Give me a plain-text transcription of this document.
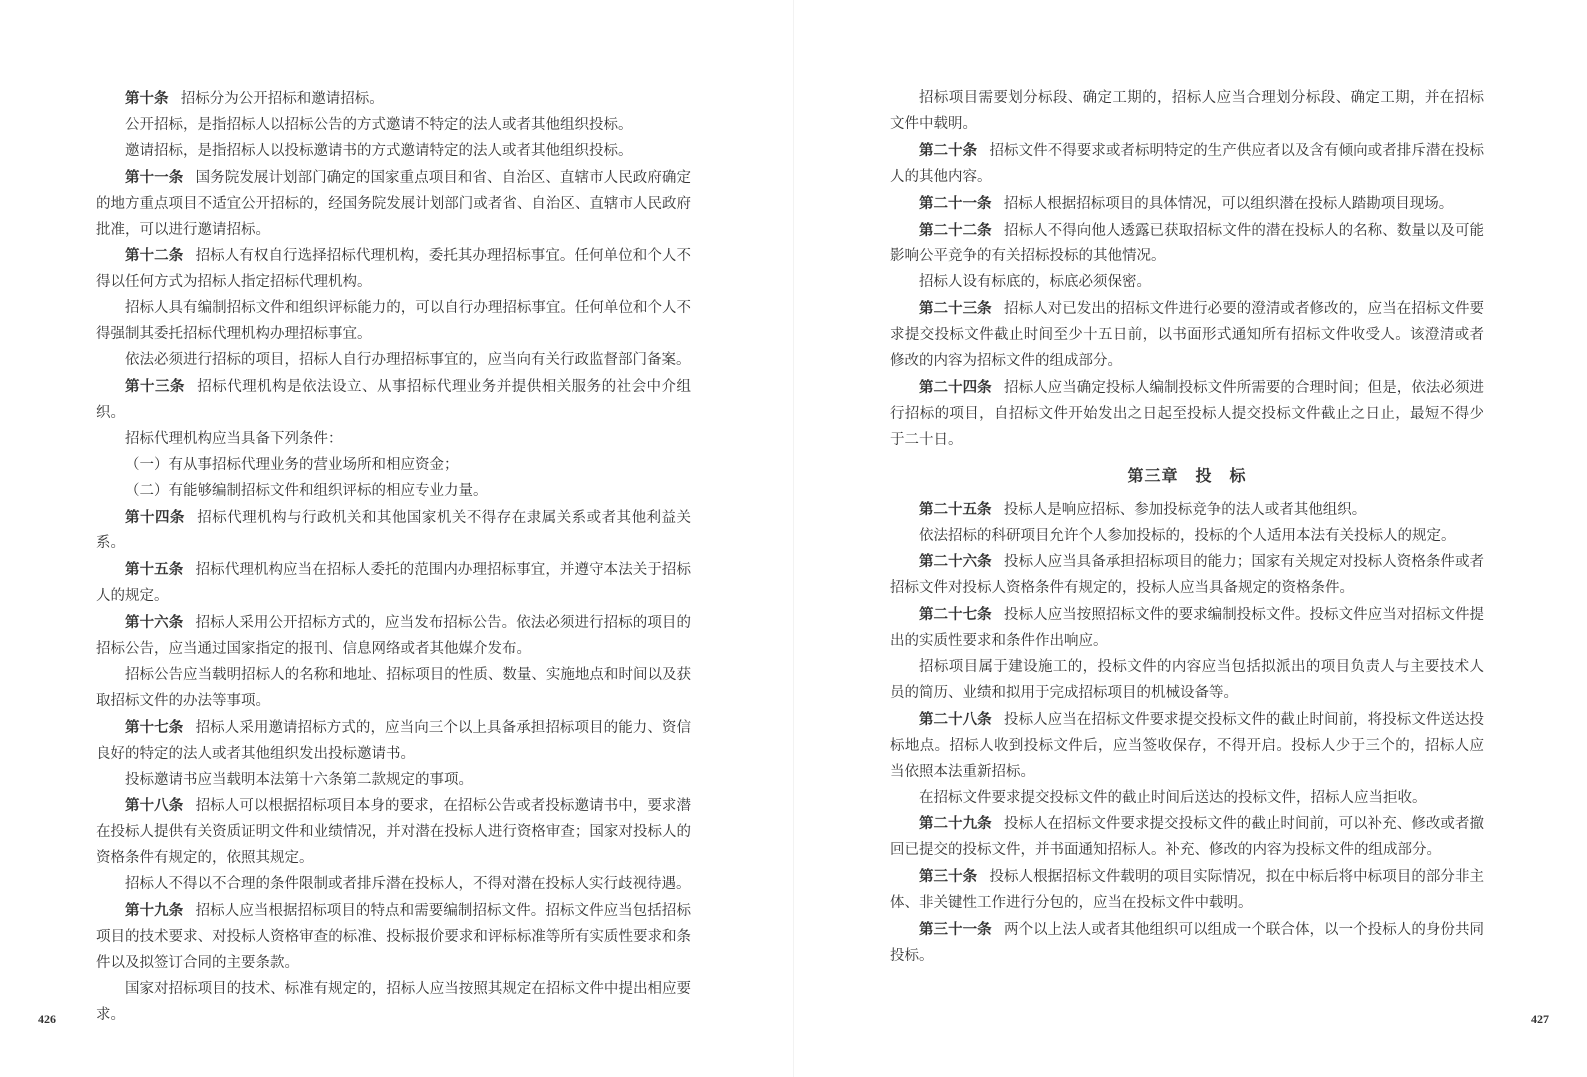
第十条 招标分为公开招标和邀请招标。

公开招标，是指招标人以招标公告的方式邀请不特定的法人或者其他组织投标。

邀请招标，是指招标人以投标邀请书的方式邀请特定的法人或者其他组织投标。

第十一条 国务院发展计划部门确定的国家重点项目和省、自治区、直辖市人民政府确定的地方重点项目不适宜公开招标的，经国务院发展计划部门或者省、自治区、直辖市人民政府批准，可以进行邀请招标。

第十二条 招标人有权自行选择招标代理机构，委托其办理招标事宜。任何单位和个人不得以任何方式为招标人指定招标代理机构。

招标人具有编制招标文件和组织评标能力的，可以自行办理招标事宜。任何单位和个人不得强制其委托招标代理机构办理招标事宜。

依法必须进行招标的项目，招标人自行办理招标事宜的，应当向有关行政监督部门备案。

第十三条 招标代理机构是依法设立、从事招标代理业务并提供相关服务的社会中介组织。

招标代理机构应当具备下列条件：

（一）有从事招标代理业务的营业场所和相应资金；

（二）有能够编制招标文件和组织评标的相应专业力量。

第十四条 招标代理机构与行政机关和其他国家机关不得存在隶属关系或者其他利益关系。

第十五条 招标代理机构应当在招标人委托的范围内办理招标事宜，并遵守本法关于招标人的规定。

第十六条 招标人采用公开招标方式的，应当发布招标公告。依法必须进行招标的项目的招标公告，应当通过国家指定的报刊、信息网络或者其他媒介发布。

招标公告应当载明招标人的名称和地址、招标项目的性质、数量、实施地点和时间以及获取招标文件的办法等事项。

第十七条 招标人采用邀请招标方式的，应当向三个以上具备承担招标项目的能力、资信良好的特定的法人或者其他组织发出投标邀请书。

投标邀请书应当载明本法第十六条第二款规定的事项。

第十八条 招标人可以根据招标项目本身的要求，在招标公告或者投标邀请书中，要求潜在投标人提供有关资质证明文件和业绩情况，并对潜在投标人进行资格审查；国家对投标人的资格条件有规定的，依照其规定。

招标人不得以不合理的条件限制或者排斥潜在投标人，不得对潜在投标人实行歧视待遇。

第十九条 招标人应当根据招标项目的特点和需要编制招标文件。招标文件应当包括招标项目的技术要求、对投标人资格审查的标准、投标报价要求和评标标准等所有实质性要求和条件以及拟签订合同的主要条款。

国家对招标项目的技术、标准有规定的，招标人应当按照其规定在招标文件中提出相应要求。

426

招标项目需要划分标段、确定工期的，招标人应当合理划分标段、确定工期，并在招标文件中载明。

第二十条 招标文件不得要求或者标明特定的生产供应者以及含有倾向或者排斥潜在投标人的其他内容。

第二十一条 招标人根据招标项目的具体情况，可以组织潜在投标人踏勘项目现场。

第二十二条 招标人不得向他人透露已获取招标文件的潜在投标人的名称、数量以及可能影响公平竞争的有关招标投标的其他情况。

招标人设有标底的，标底必须保密。

第二十三条 招标人对已发出的招标文件进行必要的澄清或者修改的，应当在招标文件要求提交投标文件截止时间至少十五日前，以书面形式通知所有招标文件收受人。该澄清或者修改的内容为招标文件的组成部分。

第二十四条 招标人应当确定投标人编制投标文件所需要的合理时间；但是，依法必须进行招标的项目，自招标文件开始发出之日起至投标人提交投标文件截止之日止，最短不得少于二十日。

第三章　投　标

第二十五条 投标人是响应招标、参加投标竞争的法人或者其他组织。

依法招标的科研项目允许个人参加投标的，投标的个人适用本法有关投标人的规定。

第二十六条 投标人应当具备承担招标项目的能力；国家有关规定对投标人资格条件或者招标文件对投标人资格条件有规定的，投标人应当具备规定的资格条件。

第二十七条 投标人应当按照招标文件的要求编制投标文件。投标文件应当对招标文件提出的实质性要求和条件作出响应。

招标项目属于建设施工的，投标文件的内容应当包括拟派出的项目负责人与主要技术人员的简历、业绩和拟用于完成招标项目的机械设备等。

第二十八条 投标人应当在招标文件要求提交投标文件的截止时间前，将投标文件送达投标地点。招标人收到投标文件后，应当签收保存，不得开启。投标人少于三个的，招标人应当依照本法重新招标。

在招标文件要求提交投标文件的截止时间后送达的投标文件，招标人应当拒收。

第二十九条 投标人在招标文件要求提交投标文件的截止时间前，可以补充、修改或者撤回已提交的投标文件，并书面通知招标人。补充、修改的内容为投标文件的组成部分。

第三十条 投标人根据招标文件载明的项目实际情况，拟在中标后将中标项目的部分非主体、非关键性工作进行分包的，应当在投标文件中载明。

第三十一条 两个以上法人或者其他组织可以组成一个联合体，以一个投标人的身份共同投标。

427
